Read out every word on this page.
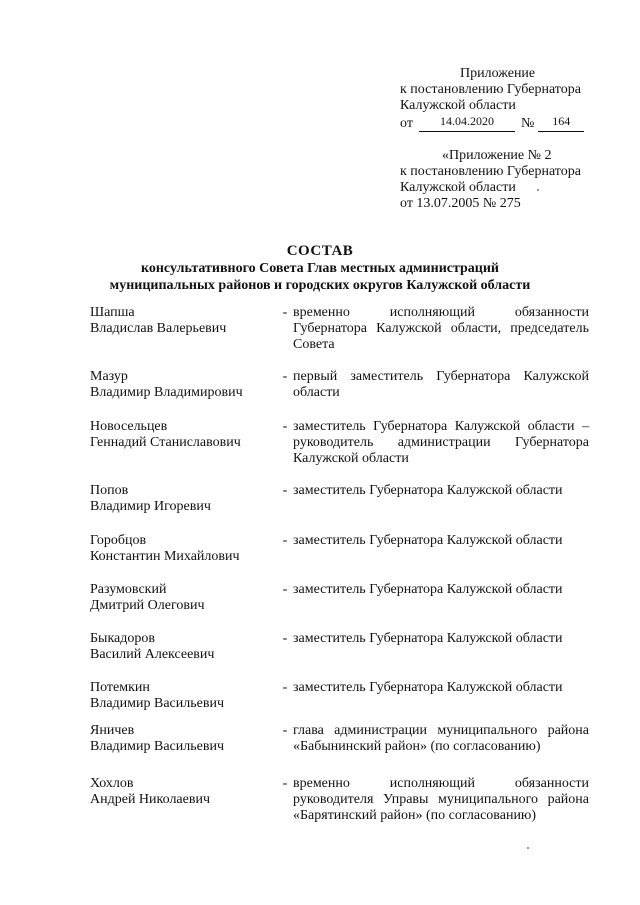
Приложение
к постановлению Губернатора
Калужской области
от	14.04.2020	№	164
«Приложение № 2
к постановлению Губернатора
Калужской области
от 13.07.2005 № 275
СОСТАВ
консультативного Совета Глав местных администраций
муниципальных районов и городских округов Калужской области
Шапша
Владислав Валерьевич
- временно исполняющий обязанности
Губернатора Калужской области, председатель
Совета
Мазур
Владимир Владимирович
- первый заместитель Губернатора Калужской
области
Новосельцев
Геннадий Станиславович
- заместитель Губернатора Калужской области –
руководитель администрации Губернатора
Калужской области
Попов
Владимир Игоревич
- заместитель Губернатора Калужской области
Горобцов
Константин Михайлович
- заместитель Губернатора Калужской области
Разумовский
Дмитрий Олегович
- заместитель Губернатора Калужской области
Быкадоров
Василий Алексеевич
- заместитель Губернатора Калужской области
Потемкин
Владимир Васильевич
- заместитель Губернатора Калужской области
Яничев
Владимир Васильевич
- глава администрации муниципального района
«Бабынинский район» (по согласованию)
Хохлов
Андрей Николаевич
- временно исполняющий обязанности
руководителя Управы муниципального района
«Барятинский район» (по согласованию)
